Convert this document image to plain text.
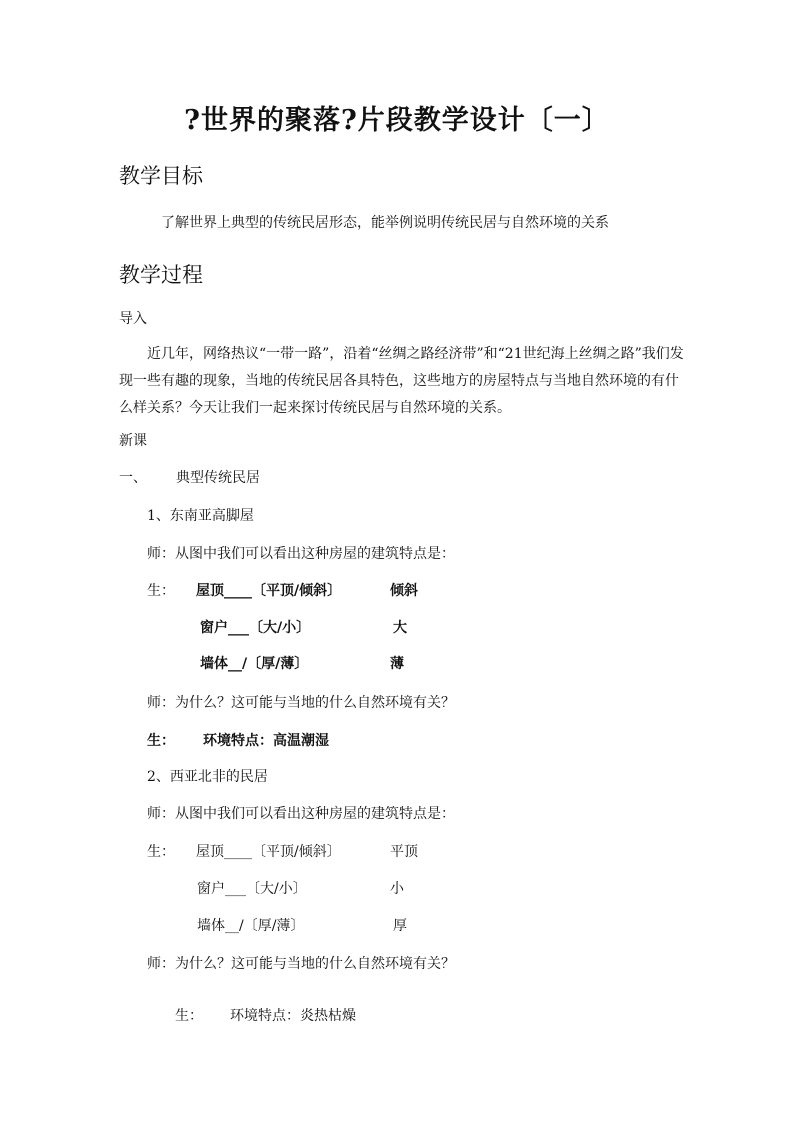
?世界的聚落?片段教学设计〔一〕
教学目标
了解世界上典型的传统民居形态，能举例说明传统民居与自然环境的关系
教学过程
导入
近几年，网络热议“一带一路”，沿着“丝绸之路经济带”和“21世纪海上丝绸之路”我们发现一些有趣的现象，当地的传统民居各具特色，这些地方的房屋特点与当地自然环境的有什么样关系？今天让我们一起来探讨传统民居与自然环境的关系。
新课
一、 典型传统民居
1、东南亚高脚屋
师：从图中我们可以看出这种房屋的建筑特点是：
生： 屋顶____〔平顶/倾斜〕	倾斜
窗户___〔大/小〕	大
墙体__/〔厚/薄〕	薄
师：为什么？这可能与当地的什么自然环境有关？
生： 环境特点：高温潮湿
2、西亚北非的民居
师：从图中我们可以看出这种房屋的建筑特点是：
生： 屋顶____〔平顶/倾斜〕	平顶
窗户___〔大/小〕	小
墙体__/〔厚/薄〕	厚
师：为什么？这可能与当地的什么自然环境有关？
生： 环境特点：炎热枯燥
